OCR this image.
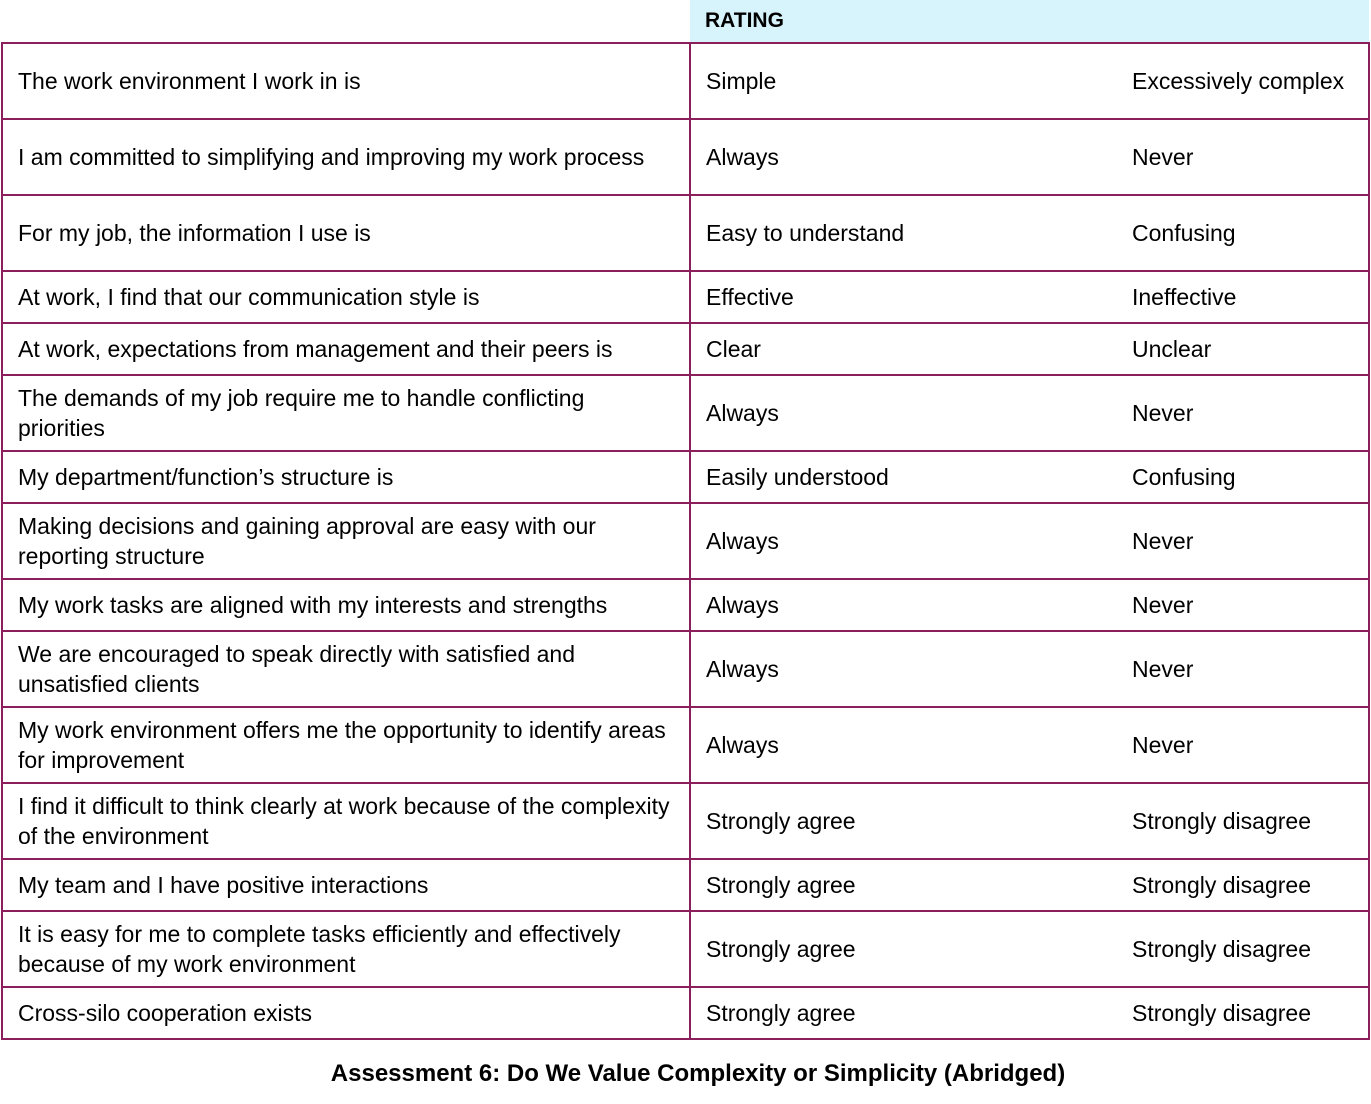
	RATING	
The work environment I work in is	Simple	Excessively complex
I am committed to simplifying and improving my work process	Always	Never
For my job, the information I use is	Easy to understand	Confusing
At work, I find that our communication style is	Effective	Ineffective
At work, expectations from management and their peers is	Clear	Unclear
The demands of my job require me to handle conflicting priorities	Always	Never
My department/function’s structure is	Easily understood	Confusing
Making decisions and gaining approval are easy with our reporting structure	Always	Never
My work tasks are aligned with my interests and strengths	Always	Never
We are encouraged to speak directly with satisfied and unsatisfied clients	Always	Never
My work environment offers me the opportunity to identify areas for improvement	Always	Never
I find it difficult to think clearly at work because of the complexity of the environment	Strongly agree	Strongly disagree
My team and I have positive interactions	Strongly agree	Strongly disagree
It is easy for me to complete tasks efficiently and effectively because of my work environment	Strongly agree	Strongly disagree
Cross-silo cooperation exists	Strongly agree	Strongly disagree
Assessment 6: Do We Value Complexity or Simplicity (Abridged)
